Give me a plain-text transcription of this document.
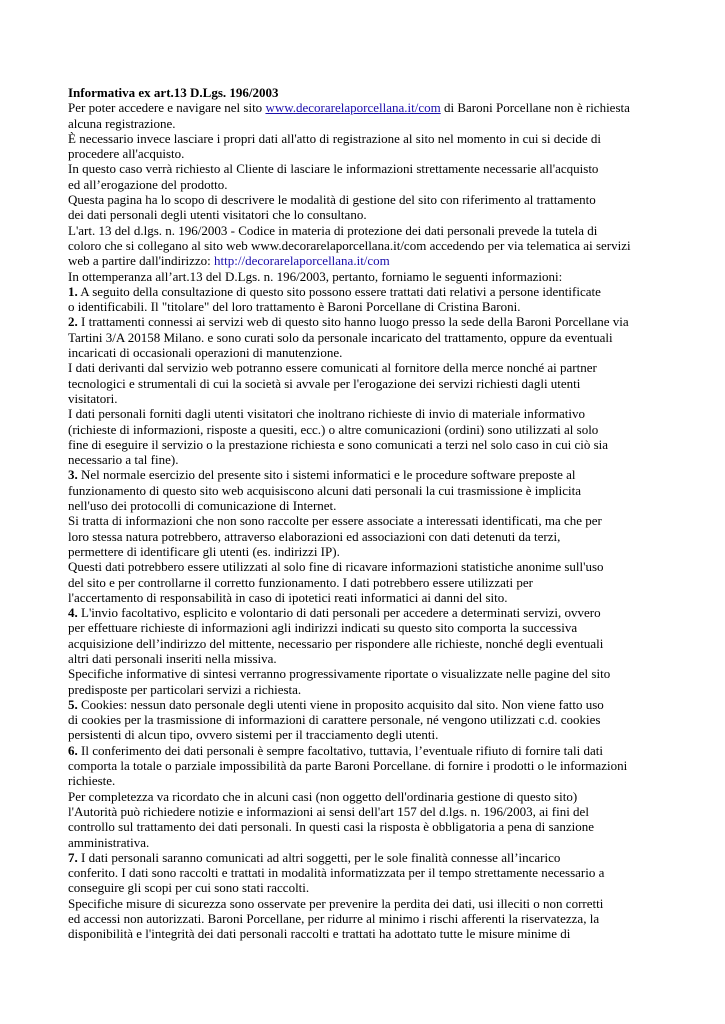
Informativa ex art.13 D.Lgs. 196/2003
Per poter accedere e navigare nel sito www.decorarelaporcellana.it/com di Baroni Porcellane non è richiesta
alcuna registrazione.
È necessario invece lasciare i propri dati all'atto di registrazione al sito nel momento in cui si decide di
procedere all'acquisto.
In questo caso verrà richiesto al Cliente di lasciare le informazioni strettamente necessarie all'acquisto
ed all’erogazione del prodotto.
Questa pagina ha lo scopo di descrivere le modalità di gestione del sito con riferimento al trattamento
dei dati personali degli utenti visitatori che lo consultano.
L'art. 13 del d.lgs. n. 196/2003 - Codice in materia di protezione dei dati personali prevede la tutela di
coloro che si collegano al sito web www.decorarelaporcellana.it/com accedendo per via telematica ai servizi
web a partire dall'indirizzo: http://decorarelaporcellana.it/com
In ottemperanza all’art.13 del D.Lgs. n. 196/2003, pertanto, forniamo le seguenti informazioni:
1. A seguito della consultazione di questo sito possono essere trattati dati relativi a persone identificate
o identificabili. Il "titolare" del loro trattamento è Baroni Porcellane di Cristina Baroni.
2. I trattamenti connessi ai servizi web di questo sito hanno luogo presso la sede della Baroni Porcellane via
Tartini 3/A 20158 Milano. e sono curati solo da personale incaricato del trattamento, oppure da eventuali
incaricati di occasionali operazioni di manutenzione.
I dati derivanti dal servizio web potranno essere comunicati al fornitore della merce nonché ai partner
tecnologici e strumentali di cui la società si avvale per l'erogazione dei servizi richiesti dagli utenti
visitatori.
I dati personali forniti dagli utenti visitatori che inoltrano richieste di invio di materiale informativo
(richieste di informazioni, risposte a quesiti, ecc.) o altre comunicazioni (ordini) sono utilizzati al solo
fine di eseguire il servizio o la prestazione richiesta e sono comunicati a terzi nel solo caso in cui ciò sia
necessario a tal fine).
3. Nel normale esercizio del presente sito i sistemi informatici e le procedure software preposte al
funzionamento di questo sito web acquisiscono alcuni dati personali la cui trasmissione è implicita
nell'uso dei protocolli di comunicazione di Internet.
Si tratta di informazioni che non sono raccolte per essere associate a interessati identificati, ma che per
loro stessa natura potrebbero, attraverso elaborazioni ed associazioni con dati detenuti da terzi,
permettere di identificare gli utenti (es. indirizzi IP).
Questi dati potrebbero essere utilizzati al solo fine di ricavare informazioni statistiche anonime sull'uso
del sito e per controllarne il corretto funzionamento. I dati potrebbero essere utilizzati per
l'accertamento di responsabilità in caso di ipotetici reati informatici ai danni del sito.
4. L'invio facoltativo, esplicito e volontario di dati personali per accedere a determinati servizi, ovvero
per effettuare richieste di informazioni agli indirizzi indicati su questo sito comporta la successiva
acquisizione dell’indirizzo del mittente, necessario per rispondere alle richieste, nonché degli eventuali
altri dati personali inseriti nella missiva.
Specifiche informative di sintesi verranno progressivamente riportate o visualizzate nelle pagine del sito
predisposte per particolari servizi a richiesta.
5. Cookies: nessun dato personale degli utenti viene in proposito acquisito dal sito. Non viene fatto uso
di cookies per la trasmissione di informazioni di carattere personale, né vengono utilizzati c.d. cookies
persistenti di alcun tipo, ovvero sistemi per il tracciamento degli utenti.
6. Il conferimento dei dati personali è sempre facoltativo, tuttavia, l’eventuale rifiuto di fornire tali dati
comporta la totale o parziale impossibilità da parte Baroni Porcellane. di fornire i prodotti o le informazioni
richieste.
Per completezza va ricordato che in alcuni casi (non oggetto dell'ordinaria gestione di questo sito)
l'Autorità può richiedere notizie e informazioni ai sensi dell'art 157 del d.lgs. n. 196/2003, ai fini del
controllo sul trattamento dei dati personali. In questi casi la risposta è obbligatoria a pena di sanzione
amministrativa.
7. I dati personali saranno comunicati ad altri soggetti, per le sole finalità connesse all’incarico
conferito. I dati sono raccolti e trattati in modalità informatizzata per il tempo strettamente necessario a
conseguire gli scopi per cui sono stati raccolti.
Specifiche misure di sicurezza sono osservate per prevenire la perdita dei dati, usi illeciti o non corretti
ed accessi non autorizzati. Baroni Porcellane, per ridurre al minimo i rischi afferenti la riservatezza, la
disponibilità e l'integrità dei dati personali raccolti e trattati ha adottato tutte le misure minime di
